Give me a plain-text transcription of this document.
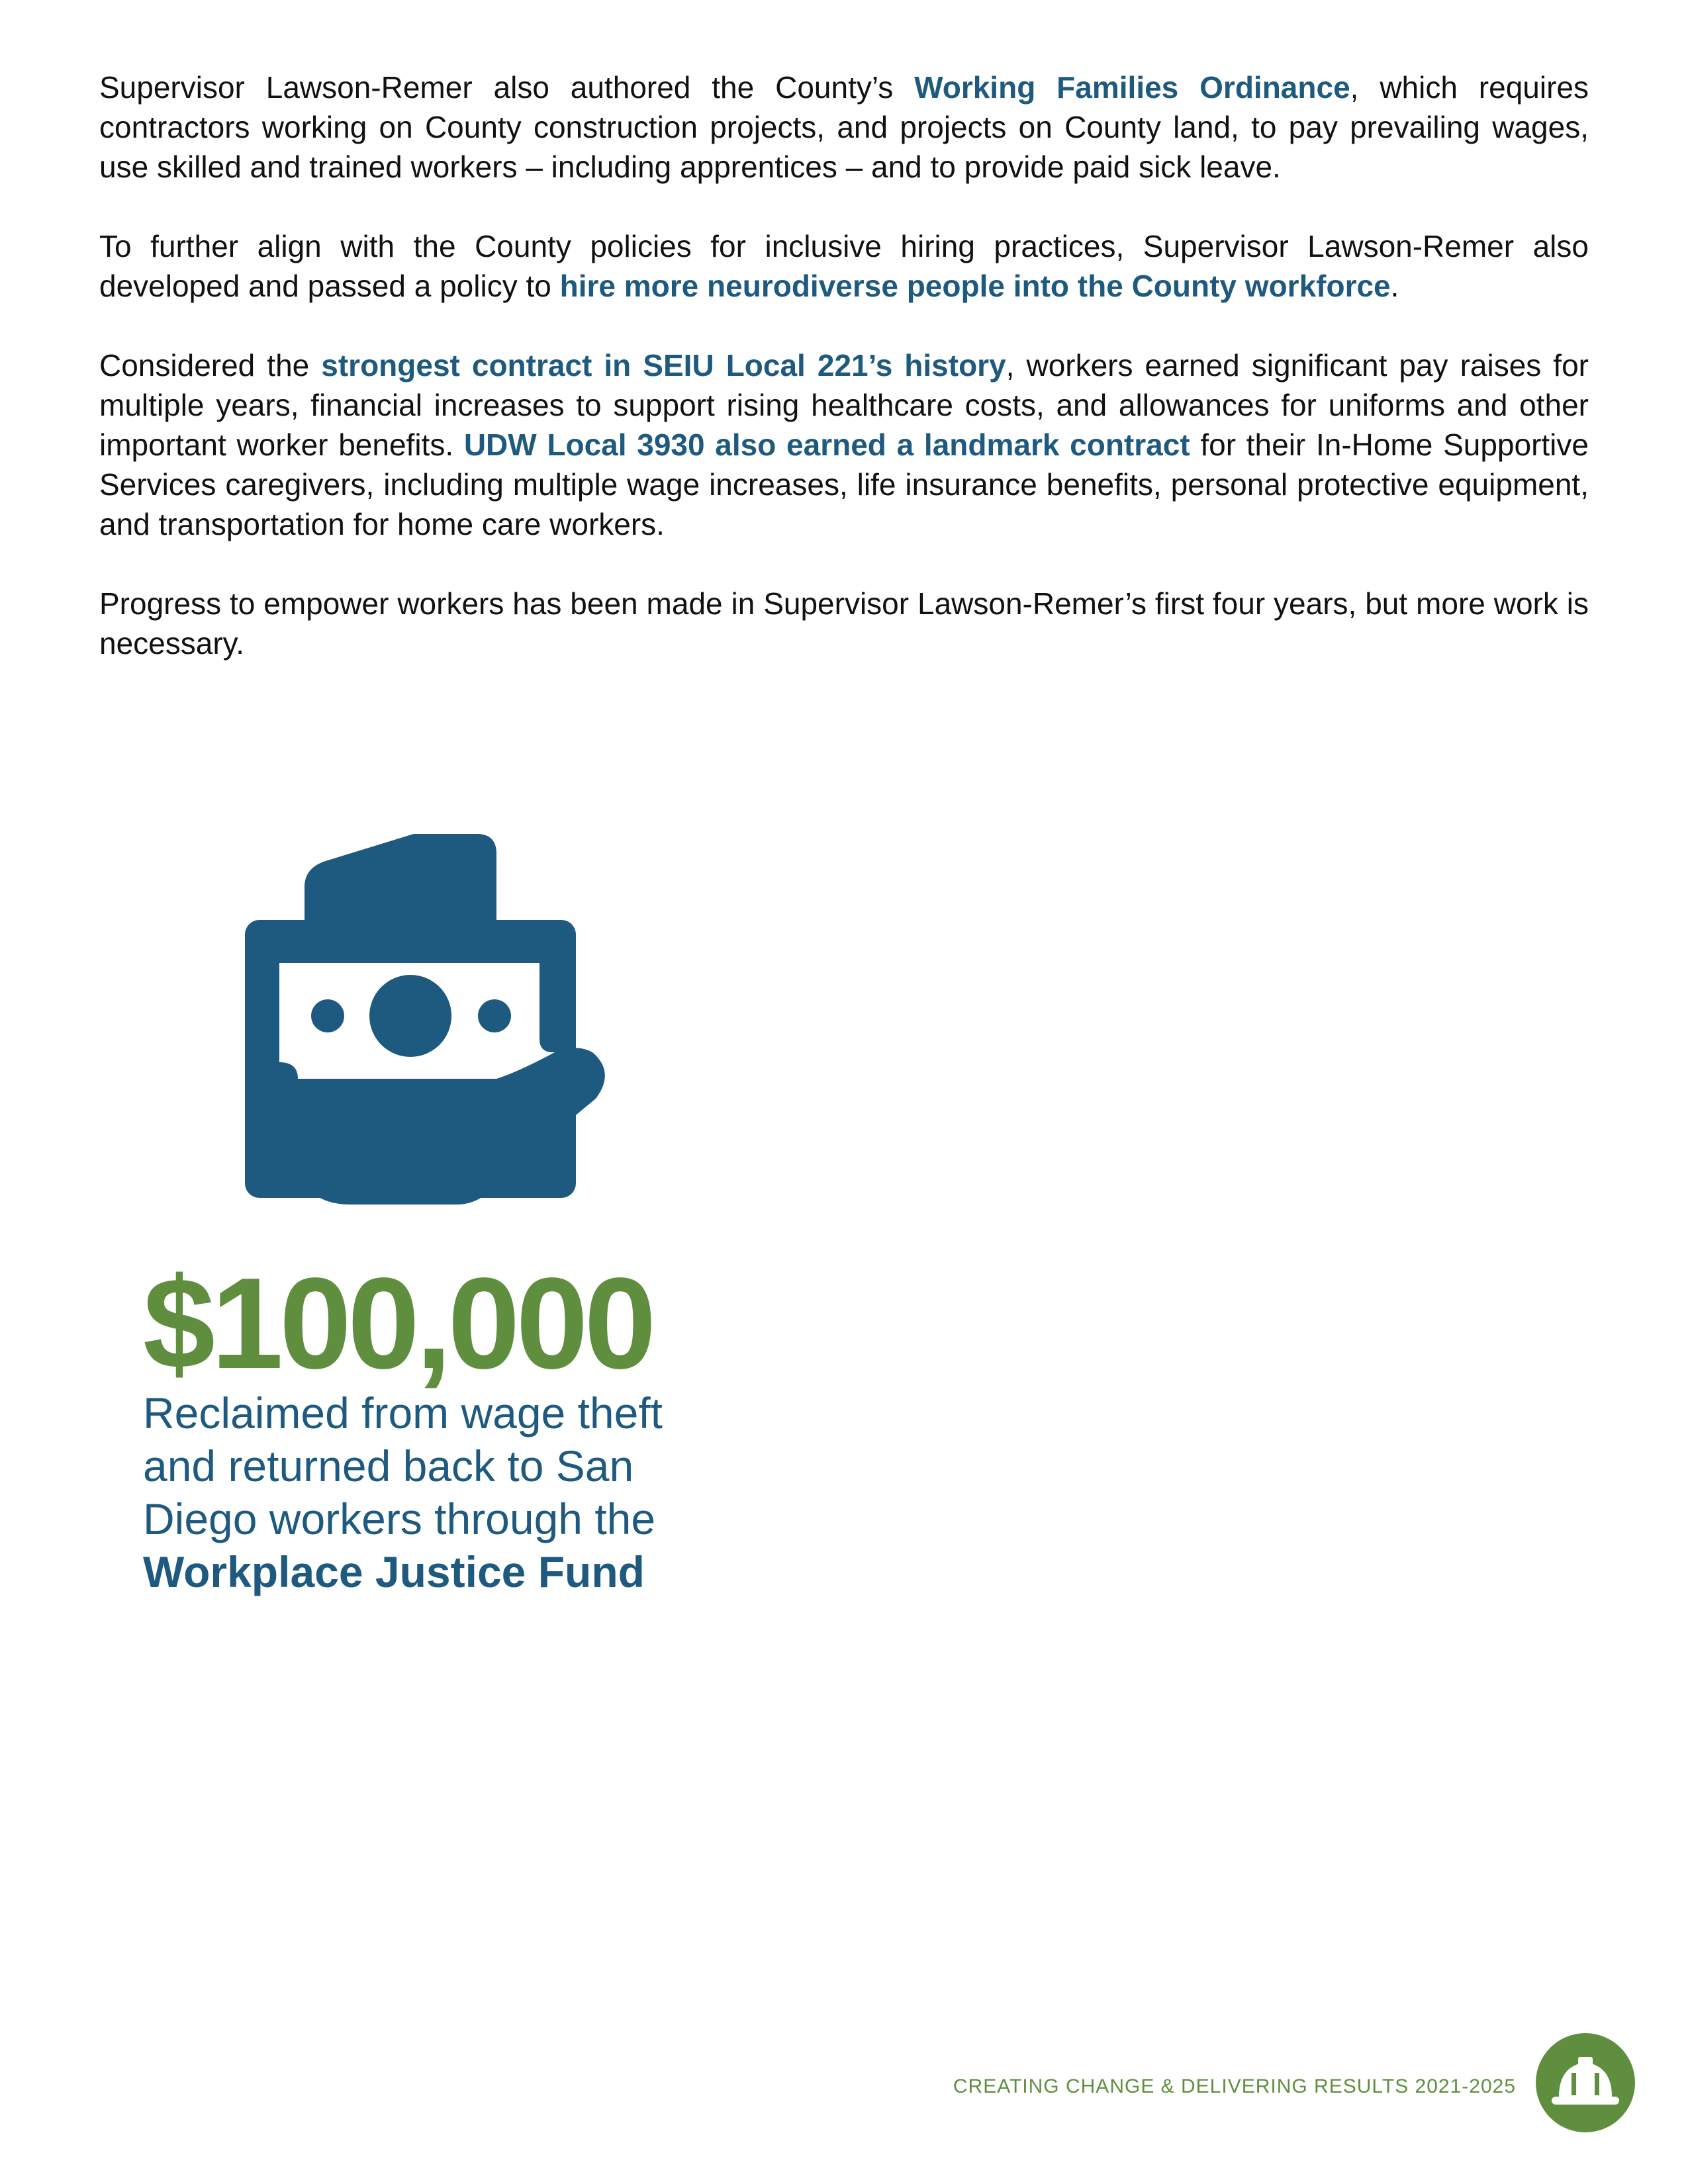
Supervisor Lawson-Remer also authored the County’s Working Families Ordinance, which requires contractors working on County construction projects, and projects on County land, to pay prevailing wages, use skilled and trained workers – including apprentices – and to provide paid sick leave.

To further align with the County policies for inclusive hiring practices, Supervisor Lawson-Remer also developed and passed a policy to hire more neurodiverse people into the County workforce.

Considered the strongest contract in SEIU Local 221’s history, workers earned significant pay raises for multiple years, financial increases to support rising healthcare costs, and allowances for uniforms and other important worker benefits. UDW Local 3930 also earned a landmark contract for their In-Home Supportive Services caregivers, including multiple wage increases, life insurance benefits, personal protective equipment, and transportation for home care workers.

Progress to empower workers has been made in Supervisor Lawson-Remer’s first four years, but more work is necessary.

$100,000
Reclaimed from wage theft and returned back to San Diego workers through the Workplace Justice Fund
CREATING CHANGE & DELIVERING RESULTS 2021-2025
